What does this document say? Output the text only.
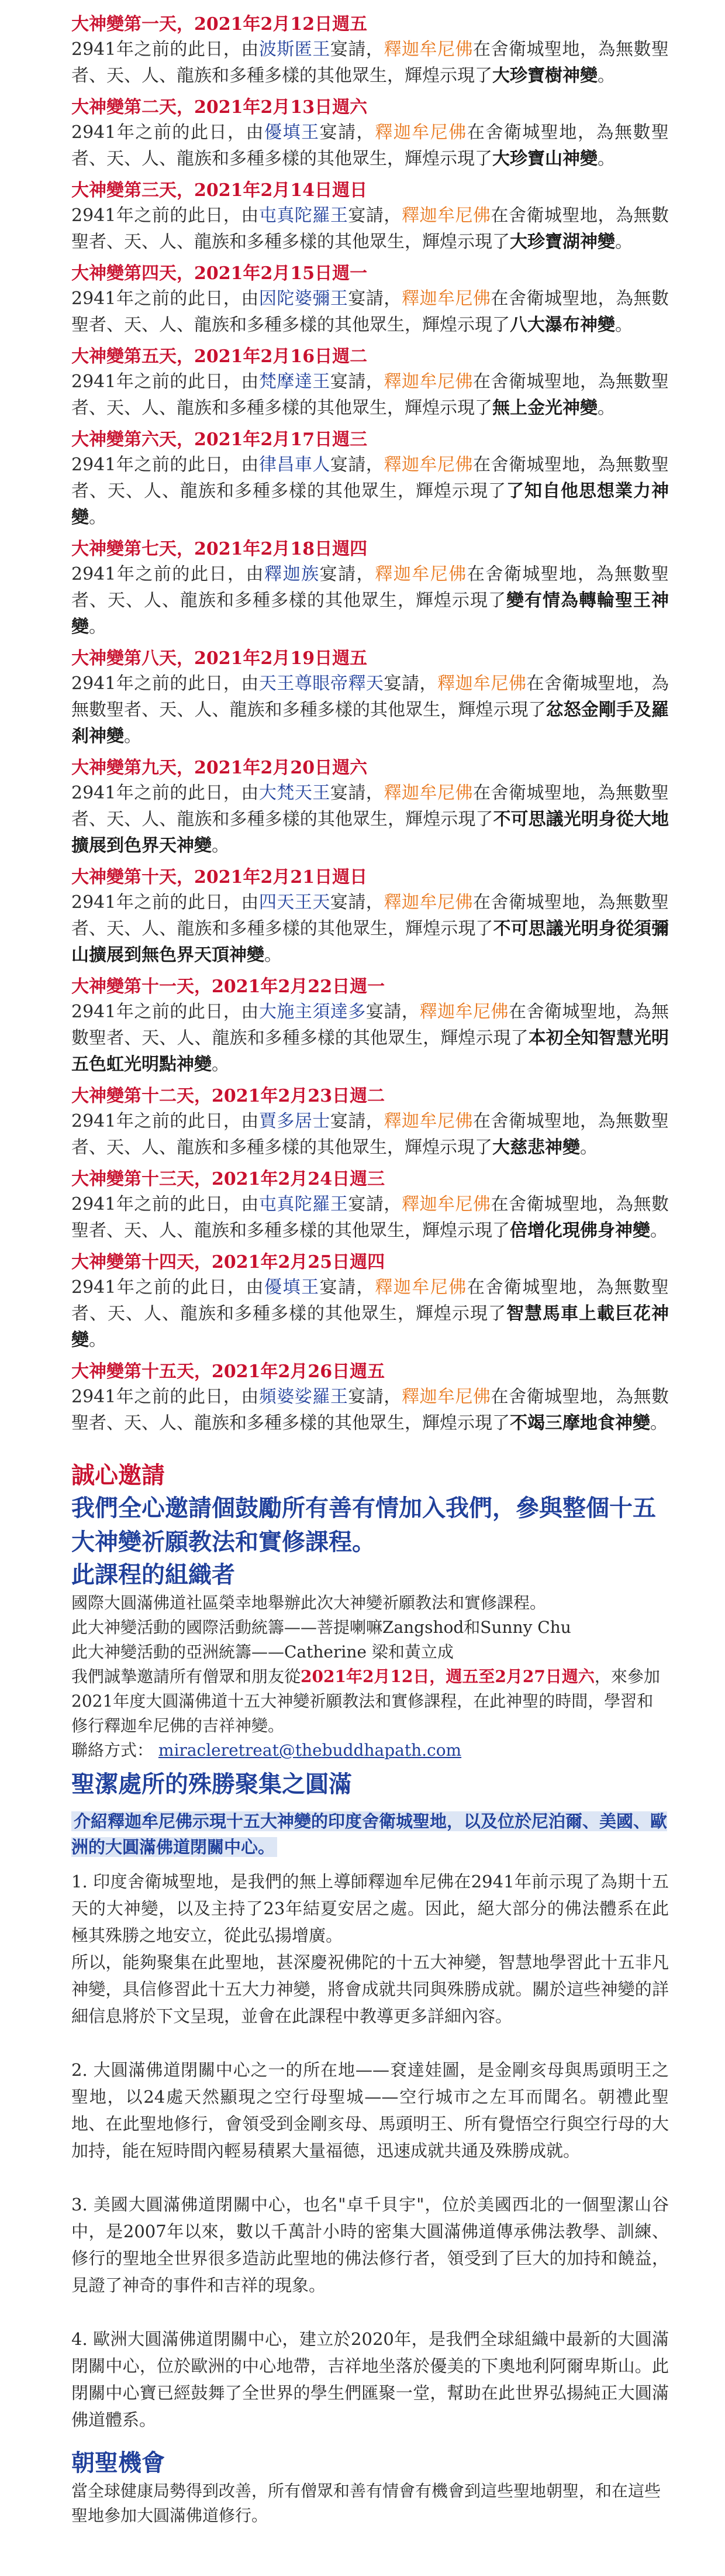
大神變第一天，2021年2月12日週五
2941年之前的此日，由波斯匿王宴請，釋迦牟尼佛在舍衛城聖地，為無數聖者、天、人、龍族和多種多樣的其他眾生，輝煌示現了大珍寶樹神變。
大神變第二天，2021年2月13日週六
2941年之前的此日，由優填王宴請，釋迦牟尼佛在舍衛城聖地，為無數聖者、天、人、龍族和多種多樣的其他眾生，輝煌示現了大珍寶山神變。
大神變第三天，2021年2月14日週日
2941年之前的此日，由屯真陀羅王宴請，釋迦牟尼佛在舍衛城聖地，為無數聖者、天、人、龍族和多種多樣的其他眾生，輝煌示現了大珍寶湖神變。
大神變第四天，2021年2月15日週一
2941年之前的此日，由因陀婆彌王宴請，釋迦牟尼佛在舍衛城聖地，為無數聖者、天、人、龍族和多種多樣的其他眾生，輝煌示現了八大瀑布神變。
大神變第五天，2021年2月16日週二
2941年之前的此日，由梵摩達王宴請，釋迦牟尼佛在舍衛城聖地，為無數聖者、天、人、龍族和多種多樣的其他眾生，輝煌示現了無上金光神變。
大神變第六天，2021年2月17日週三
2941年之前的此日，由律昌車人宴請，釋迦牟尼佛在舍衛城聖地，為無數聖者、天、人、龍族和多種多樣的其他眾生，輝煌示現了了知自他思想業力神變。
大神變第七天，2021年2月18日週四
2941年之前的此日，由釋迦族宴請，釋迦牟尼佛在舍衛城聖地，為無數聖者、天、人、龍族和多種多樣的其他眾生，輝煌示現了變有情為轉輪聖王神變。
大神變第八天，2021年2月19日週五
2941年之前的此日，由天王尊眼帝釋天宴請，釋迦牟尼佛在舍衛城聖地，為無數聖者、天、人、龍族和多種多樣的其他眾生，輝煌示現了忿怒金剛手及羅剎神變。
大神變第九天，2021年2月20日週六
2941年之前的此日，由大梵天王宴請，釋迦牟尼佛在舍衛城聖地，為無數聖者、天、人、龍族和多種多樣的其他眾生，輝煌示現了不可思議光明身從大地擴展到色界天神變。
大神變第十天，2021年2月21日週日
2941年之前的此日，由四天王天宴請，釋迦牟尼佛在舍衛城聖地，為無數聖者、天、人、龍族和多種多樣的其他眾生，輝煌示現了不可思議光明身從須彌山擴展到無色界天頂神變。
大神變第十一天，2021年2月22日週一
2941年之前的此日，由大施主須達多宴請，釋迦牟尼佛在舍衛城聖地，為無數聖者、天、人、龍族和多種多樣的其他眾生，輝煌示現了本初全知智慧光明五色虹光明點神變。
大神變第十二天，2021年2月23日週二
2941年之前的此日，由賈多居士宴請，釋迦牟尼佛在舍衛城聖地，為無數聖者、天、人、龍族和多種多樣的其他眾生，輝煌示現了大慈悲神變。
大神變第十三天，2021年2月24日週三
2941年之前的此日，由屯真陀羅王宴請，釋迦牟尼佛在舍衛城聖地，為無數聖者、天、人、龍族和多種多樣的其他眾生，輝煌示現了倍增化現佛身神變。
大神變第十四天，2021年2月25日週四
2941年之前的此日，由優填王宴請，釋迦牟尼佛在舍衛城聖地，為無數聖者、天、人、龍族和多種多樣的其他眾生，輝煌示現了智慧馬車上載巨花神變。
大神變第十五天，2021年2月26日週五
2941年之前的此日，由頻婆娑羅王宴請，釋迦牟尼佛在舍衛城聖地，為無數聖者、天、人、龍族和多種多樣的其他眾生，輝煌示現了不竭三摩地食神變。
誠心邀請
我們全心邀請個鼓勵所有善有情加入我們，參與整個十五大神變祈願教法和實修課程。
此課程的組織者
國際大圓滿佛道社區榮幸地舉辦此次大神變祈願教法和實修課程。
此大神變活動的國際活動統籌——菩提喇嘛Zangshod和Sunny Chu
此大神變活動的亞洲統籌——Catherine 梁和黃立成
我們誠摯邀請所有僧眾和朋友從2021年2月12日，週五至2月27日週六，來參加2021年度大圓滿佛道十五大神變祈願教法和實修課程，在此神聖的時間，學習和修行釋迦牟尼佛的吉祥神變。
聯絡方式： miracleretreat@thebuddhapath.com
聖潔處所的殊勝聚集之圓滿
介紹釋迦牟尼佛示現十五大神變的印度舍衛城聖地，以及位於尼泊爾、美國、歐洲的大圓滿佛道閉關中心。
1. 印度舍衛城聖地，是我們的無上導師釋迦牟尼佛在2941年前示現了為期十五天的大神變，以及主持了23年結夏安居之處。因此，絕大部分的佛法體系在此極其殊勝之地安立，從此弘揚增廣。
所以，能夠聚集在此聖地，甚深慶祝佛陀的十五大神變，智慧地學習此十五非凡神變，具信修習此十五大力神變，將會成就共同與殊勝成就。關於這些神變的詳細信息將於下文呈現，並會在此課程中教導更多詳細內容。
2. 大圓滿佛道閉關中心之一的所在地——袞達娃圖，是金剛亥母與馬頭明王之聖地，以24處天然顯現之空行母聖城——空行城市之左耳而聞名。朝禮此聖地、在此聖地修行，會領受到金剛亥母、馬頭明王、所有覺悟空行與空行母的大加持，能在短時間內輕易積累大量福德，迅速成就共通及殊勝成就。
3. 美國大圓滿佛道閉關中心，也名"卓千貝宇"，位於美國西北的一個聖潔山谷中，是2007年以來，數以千萬計小時的密集大圓滿佛道傳承佛法教學、訓練、修行的聖地全世界很多造訪此聖地的佛法修行者，領受到了巨大的加持和饒益，見證了神奇的事件和吉祥的現象。
4. 歐洲大圓滿佛道閉關中心，建立於2020年，是我們全球組織中最新的大圓滿閉關中心，位於歐洲的中心地帶，吉祥地坐落於優美的下奧地利阿爾卑斯山。此閉關中心寶已經鼓舞了全世界的學生們匯聚一堂，幫助在此世界弘揚純正大圓滿佛道體系。
朝聖機會
當全球健康局勢得到改善，所有僧眾和善有情會有機會到這些聖地朝聖，和在這些聖地參加大圓滿佛道修行。
